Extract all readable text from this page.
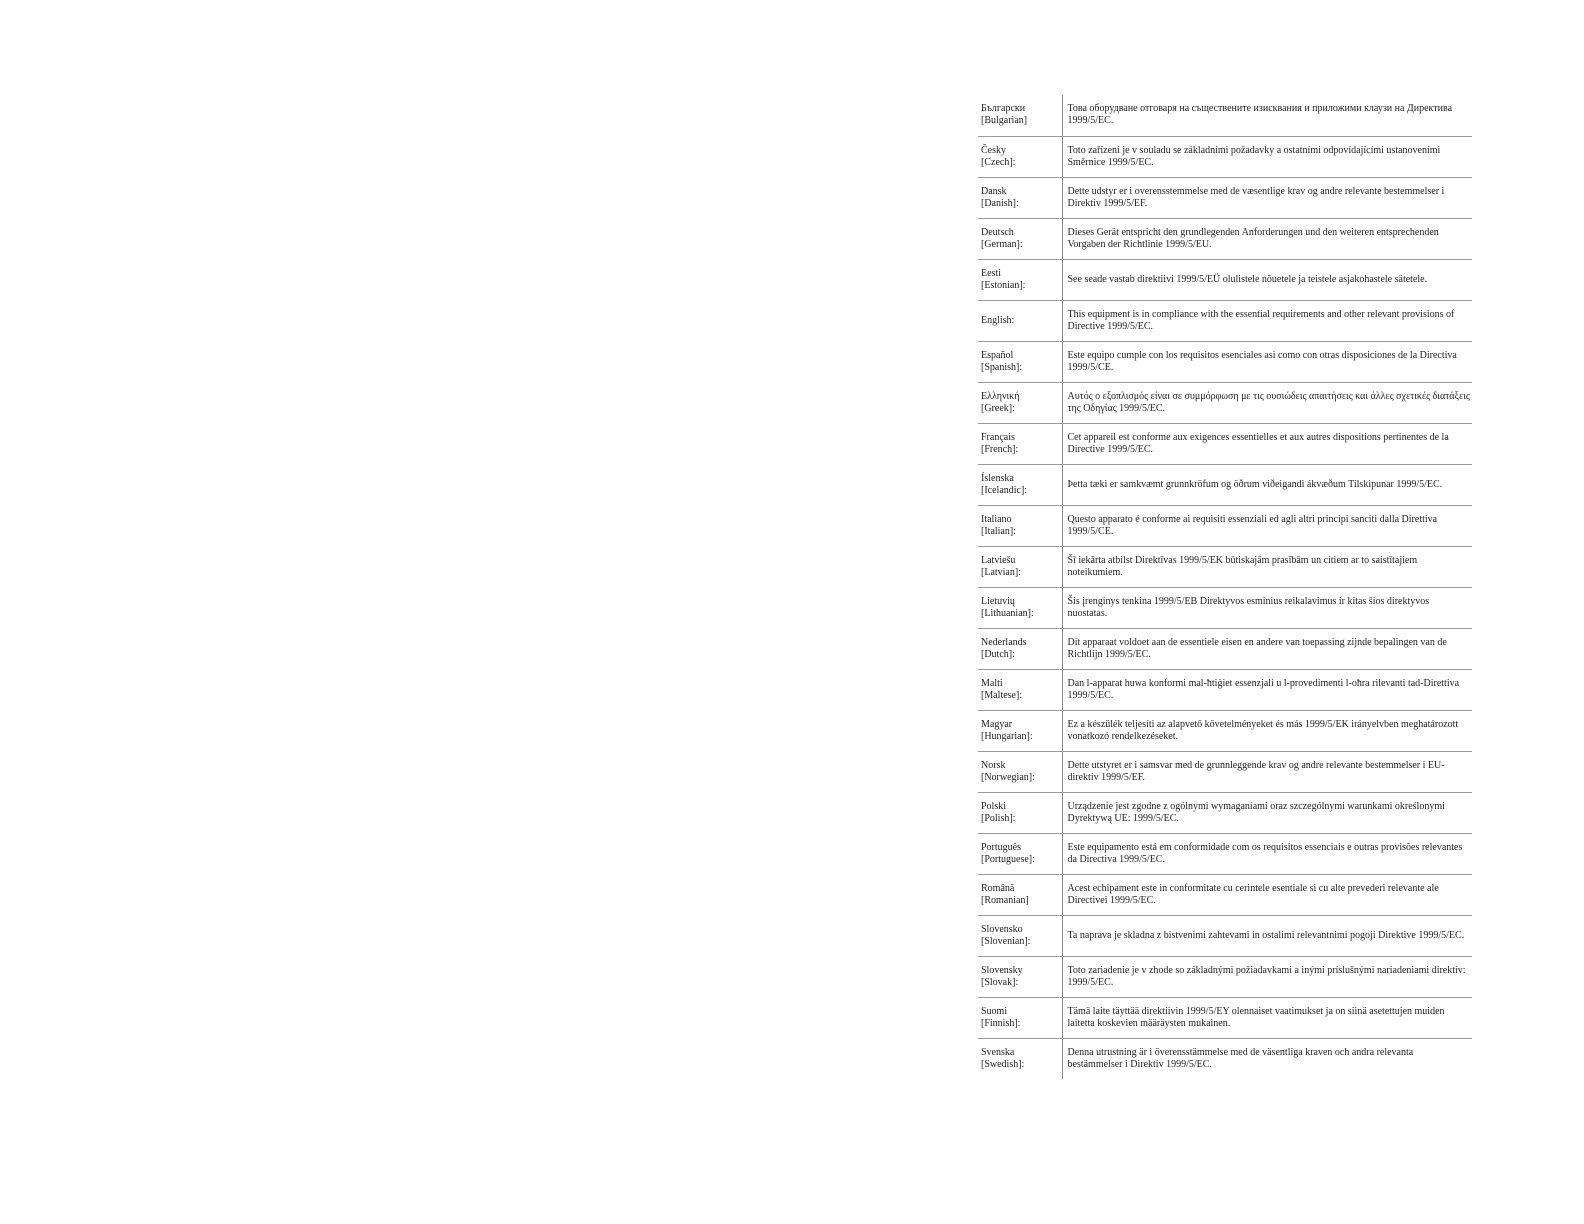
Български
[Bulgarian]	Това оборудване отговаря на съществените изисквания и приложими клаузи на Директива 1999/5/EC.

Česky
[Czech]:	Toto zařízení je v souladu se základními požadavky a ostatními odpovídajícími ustanoveními Směrnice 1999/5/EC.

Dansk
[Danish]:	Dette udstyr er i overensstemmelse med de væsentlige krav og andre relevante bestemmelser i Direktiv 1999/5/EF.

Deutsch
[German]:	Dieses Gerät entspricht den grundlegenden Anforderungen und den weiteren entsprechenden Vorgaben der Richtlinie 1999/5/EU.

Eesti
[Estonian]:	See seade vastab direktiivi 1999/5/EÜ olulistele nõuetele ja teistele asjakohastele sätetele.

English:	This equipment is in compliance with the essential requirements and other relevant provisions of Directive 1999/5/EC.

Español
[Spanish]:	Este equipo cumple con los requisitos esenciales asi como con otras disposiciones de la Directiva 1999/5/CE.

Ελληνική
[Greek]:	Αυτός ο εξοπλισμός είναι σε συμμόρφωση με τις ουσιώδεις απαιτήσεις και άλλες σχετικές διατάξεις της Οδηγίας 1999/5/EC.

Français
[French]:	Cet appareil est conforme aux exigences essentielles et aux autres dispositions pertinentes de la Directive 1999/5/EC.

Íslenska
[Icelandic]:	Þetta tæki er samkvæmt grunnkröfum og öðrum viðeigandi ákvæðum Tilskipunar 1999/5/EC.

Italiano
[Italian]:	Questo apparato é conforme ai requisiti essenziali ed agli altri principi sanciti dalla Direttiva 1999/5/CE.

Latviešu
[Latvian]:	Šī iekārta atbilst Direktīvas 1999/5/EK būtiskajām prasībām un citiem ar to saistītajiem noteikumiem.

Lietuvių
[Lithuanian]:	Šis įrenginys tenkina 1999/5/EB Direktyvos esminius reikalavimus ir kitas šios direktyvos nuostatas.

Nederlands
[Dutch]:	Dit apparaat voldoet aan de essentiele eisen en andere van toepassing zijnde bepalingen van de Richtlijn 1999/5/EC.

Malti
[Maltese]:	Dan l-apparat huwa konformi mal-ħtiġiet essenzjali u l-provedimenti l-oħra rilevanti tad-Direttiva 1999/5/EC.

Magyar
[Hungarian]:	Ez a készülék teljesíti az alapvető követelményeket és más 1999/5/EK irányelvben meghatározott vonatkozó rendelkezéseket.

Norsk
[Norwegian]:	Dette utstyret er i samsvar med de grunnleggende krav og andre relevante bestemmelser i EU-direktiv 1999/5/EF.

Polski
[Polish]:	Urządzenie jest zgodne z ogólnymi wymaganiami oraz szczególnymi warunkami określonymi Dyrektywą UE: 1999/5/EC.

Português
[Portuguese]:	Este equipamento está em conformidade com os requisitos essenciais e outras provisões relevantes da Directiva 1999/5/EC.

Română
[Romanian]	Acest echipament este in conformitate cu cerintele esentiale si cu alte prevederi relevante ale Directivei 1999/5/EC.

Slovensko
[Slovenian]:	Ta naprava je skladna z bistvenimi zahtevami in ostalimi relevantnimi pogoji Direktive 1999/5/EC.

Slovensky
[Slovak]:	Toto zariadenie je v zhode so základnými požiadavkami a inými príslušnými nariadeniami direktív: 1999/5/EC.

Suomi
[Finnish]:	Tämä laite täyttää direktiivin 1999/5/EY olennaiset vaatimukset ja on siinä asetettujen muiden laitetta koskevien määräysten mukainen.

Svenska
[Swedish]:	Denna utrustning är i överensstämmelse med de väsentliga kraven och andra relevanta bestämmelser i Direktiv 1999/5/EC.
